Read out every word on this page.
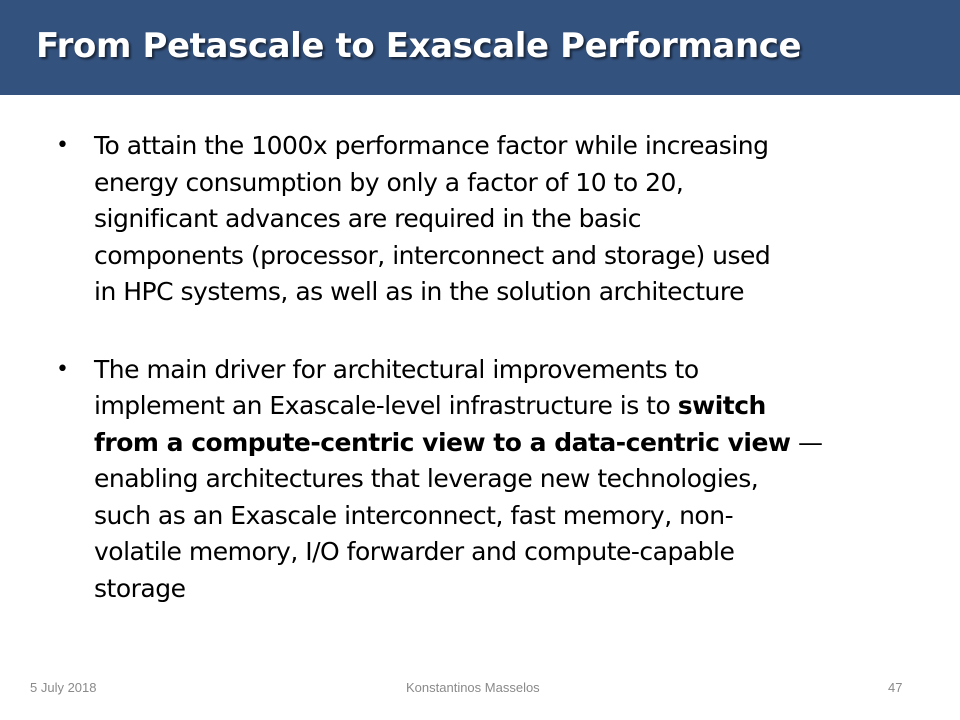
From Petascale to Exascale Performance
• To attain the 1000x performance factor while increasing
energy consumption by only a factor of 10 to 20,
significant advances are required in the basic
components (processor, interconnect and storage) used
in HPC systems, as well as in the solution architecture
• The main driver for architectural improvements to
implement an Exascale-level infrastructure is to switch
from a compute-centric view to a data-centric view —
enabling architectures that leverage new technologies,
such as an Exascale interconnect, fast memory, non-
volatile memory, I/O forwarder and compute-capable
storage
5 July 2018	Konstantinos Masselos	47
